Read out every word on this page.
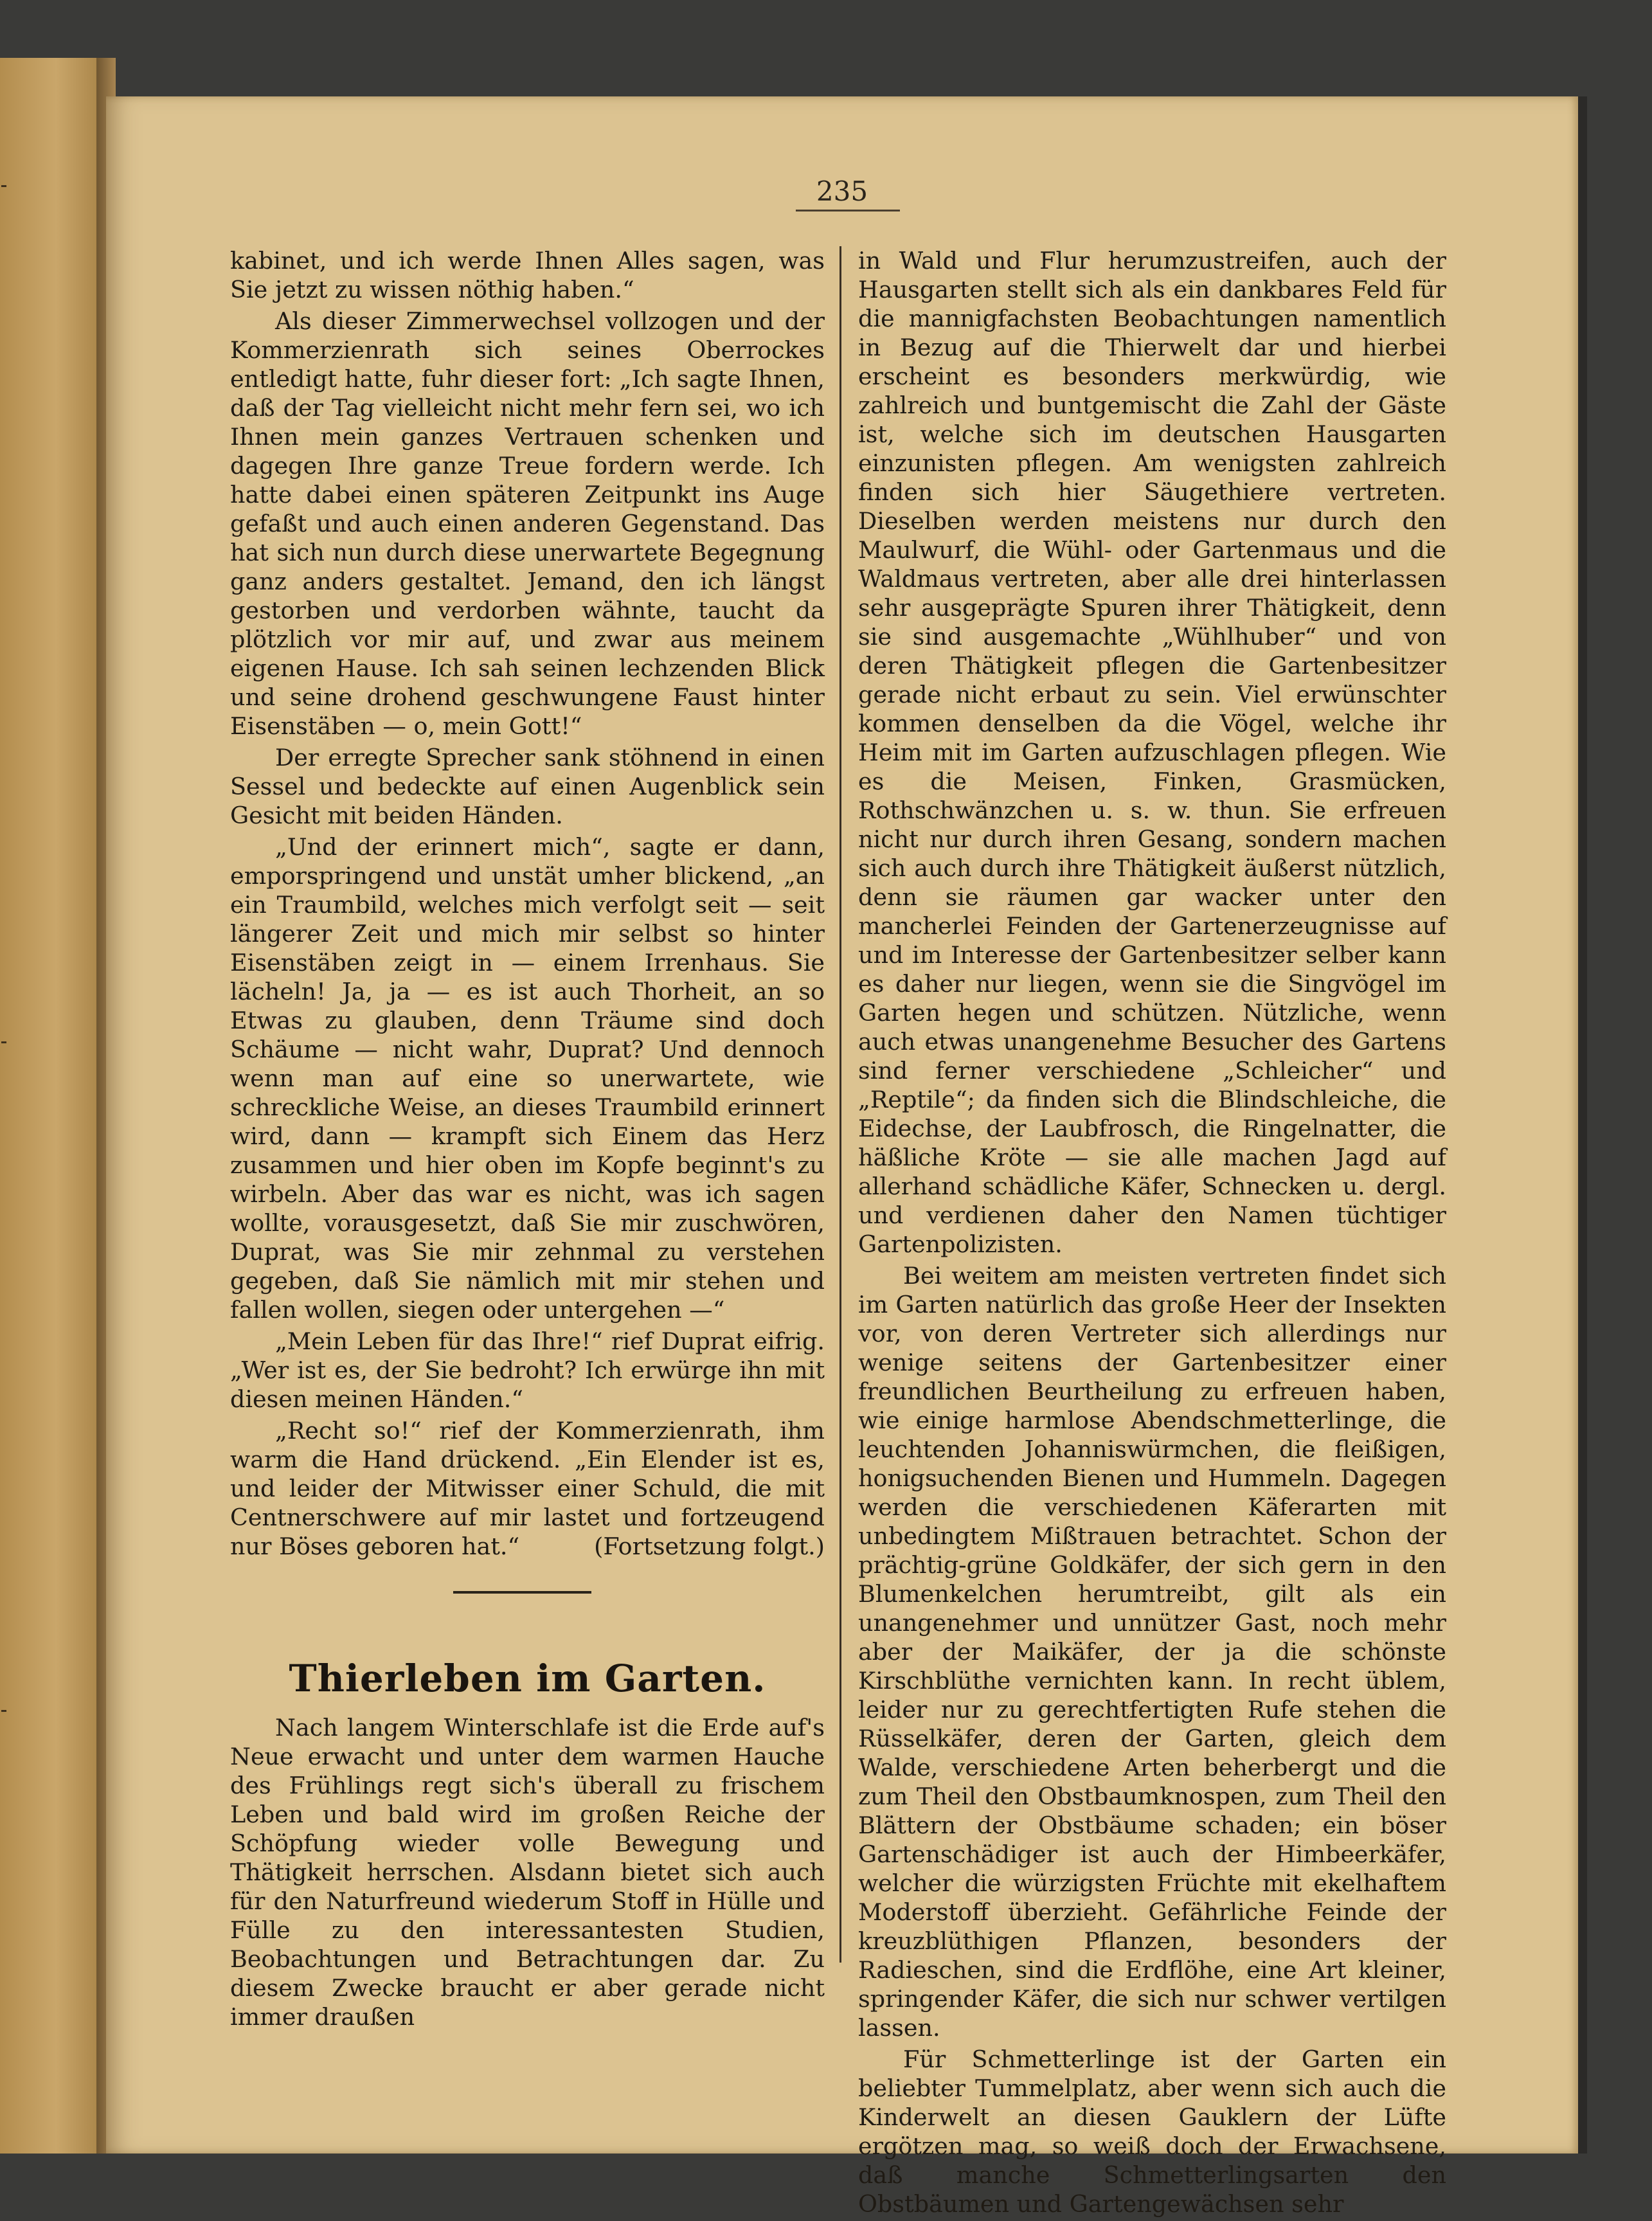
235

kabinet, und ich werde Ihnen Alles sagen, was Sie jetzt zu wissen nöthig haben.“

Als dieser Zimmerwechsel vollzogen und der Kommerzienrath sich seines Oberrockes entledigt hatte, fuhr dieser fort: „Ich sagte Ihnen, daß der Tag vielleicht nicht mehr fern sei, wo ich Ihnen mein ganzes Vertrauen schenken und dagegen Ihre ganze Treue fordern werde. Ich hatte dabei einen späteren Zeitpunkt ins Auge gefaßt und auch einen anderen Gegenstand. Das hat sich nun durch diese unerwartete Begegnung ganz anders gestaltet. Jemand, den ich längst gestorben und verdorben wähnte, taucht da plötzlich vor mir auf, und zwar aus meinem eigenen Hause. Ich sah seinen lechzenden Blick und seine drohend geschwungene Faust hinter Eisenstäben — o, mein Gott!“

Der erregte Sprecher sank stöhnend in einen Sessel und bedeckte auf einen Augenblick sein Gesicht mit beiden Händen.

„Und der erinnert mich“, sagte er dann, emporspringend und unstät umher blickend, „an ein Traumbild, welches mich verfolgt seit — seit längerer Zeit und mich mir selbst so hinter Eisenstäben zeigt in — einem Irrenhaus. Sie lächeln! Ja, ja — es ist auch Thorheit, an so Etwas zu glauben, denn Träume sind doch Schäume — nicht wahr, Duprat? Und dennoch wenn man auf eine so unerwartete, wie schreckliche Weise, an dieses Traumbild erinnert wird, dann — krampft sich Einem das Herz zusammen und hier oben im Kopfe beginnt's zu wirbeln. Aber das war es nicht, was ich sagen wollte, vorausgesetzt, daß Sie mir zuschwören, Duprat, was Sie mir zehnmal zu verstehen gegeben, daß Sie nämlich mit mir stehen und fallen wollen, siegen oder untergehen —“

„Mein Leben für das Ihre!“ rief Duprat eifrig. „Wer ist es, der Sie bedroht? Ich erwürge ihn mit diesen meinen Händen.“

„Recht so!“ rief der Kommerzienrath, ihm warm die Hand drückend. „Ein Elender ist es, und leider der Mitwisser einer Schuld, die mit Centnerschwere auf mir lastet und fortzeugend nur Böses geboren hat.“	(Fortsetzung folgt.)

Thierleben im Garten.

Nach langem Winterschlafe ist die Erde auf's Neue erwacht und unter dem warmen Hauche des Frühlings regt sich's überall zu frischem Leben und bald wird im großen Reiche der Schöpfung wieder volle Bewegung und Thätigkeit herrschen. Alsdann bietet sich auch für den Naturfreund wiederum Stoff in Hülle und Fülle zu den interessantesten Studien, Beobachtungen und Betrachtungen dar. Zu diesem Zwecke braucht er aber gerade nicht immer draußen

in Wald und Flur herumzustreifen, auch der Hausgarten stellt sich als ein dankbares Feld für die mannigfachsten Beobachtungen namentlich in Bezug auf die Thierwelt dar und hierbei erscheint es besonders merkwürdig, wie zahlreich und buntgemischt die Zahl der Gäste ist, welche sich im deutschen Hausgarten einzunisten pflegen. Am wenigsten zahlreich finden sich hier Säugethiere vertreten. Dieselben werden meistens nur durch den Maulwurf, die Wühl- oder Gartenmaus und die Waldmaus vertreten, aber alle drei hinterlassen sehr ausgeprägte Spuren ihrer Thätigkeit, denn sie sind ausgemachte „Wühlhuber“ und von deren Thätigkeit pflegen die Gartenbesitzer gerade nicht erbaut zu sein. Viel erwünschter kommen denselben da die Vögel, welche ihr Heim mit im Garten aufzuschlagen pflegen. Wie es die Meisen, Finken, Grasmücken, Rothschwänzchen u. s. w. thun. Sie erfreuen nicht nur durch ihren Gesang, sondern machen sich auch durch ihre Thätigkeit äußerst nützlich, denn sie räumen gar wacker unter den mancherlei Feinden der Gartenerzeugnisse auf und im Interesse der Gartenbesitzer selber kann es daher nur liegen, wenn sie die Singvögel im Garten hegen und schützen. Nützliche, wenn auch etwas unangenehme Besucher des Gartens sind ferner verschiedene „Schleicher“ und „Reptile“; da finden sich die Blindschleiche, die Eidechse, der Laubfrosch, die Ringelnatter, die häßliche Kröte — sie alle machen Jagd auf allerhand schädliche Käfer, Schnecken u. dergl. und verdienen daher den Namen tüchtiger Gartenpolizisten.

Bei weitem am meisten vertreten findet sich im Garten natürlich das große Heer der Insekten vor, von deren Vertreter sich allerdings nur wenige seitens der Gartenbesitzer einer freundlichen Beurtheilung zu erfreuen haben, wie einige harmlose Abendschmetterlinge, die leuchtenden Johanniswürmchen, die fleißigen, honigsuchenden Bienen und Hummeln. Dagegen werden die verschiedenen Käferarten mit unbedingtem Mißtrauen betrachtet. Schon der prächtig-grüne Goldkäfer, der sich gern in den Blumenkelchen herumtreibt, gilt als ein unangenehmer und unnützer Gast, noch mehr aber der Maikäfer, der ja die schönste Kirschblüthe vernichten kann. In recht üblem, leider nur zu gerechtfertigten Rufe stehen die Rüsselkäfer, deren der Garten, gleich dem Walde, verschiedene Arten beherbergt und die zum Theil den Obstbaumknospen, zum Theil den Blättern der Obstbäume schaden; ein böser Gartenschädiger ist auch der Himbeerkäfer, welcher die würzigsten Früchte mit ekelhaftem Moderstoff überzieht. Gefährliche Feinde der kreuzblüthigen Pflanzen, besonders der Radieschen, sind die Erdflöhe, eine Art kleiner, springender Käfer, die sich nur schwer vertilgen lassen.

Für Schmetterlinge ist der Garten ein beliebter Tummelplatz, aber wenn sich auch die Kinderwelt an diesen Gauklern der Lüfte ergötzen mag, so weiß doch der Erwachsene, daß manche Schmetterlingsarten den Obstbäumen und Gartengewächsen sehr
